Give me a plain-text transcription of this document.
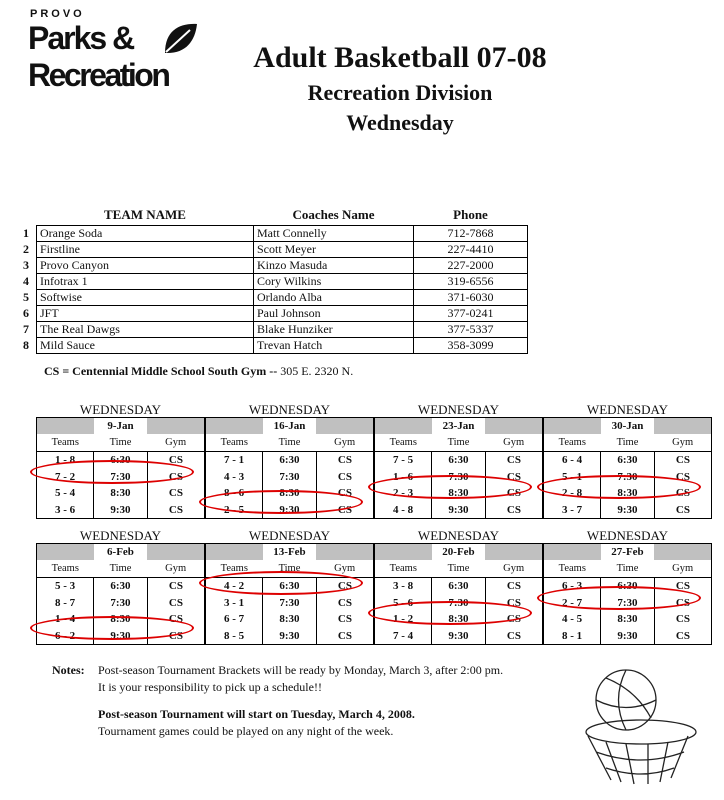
PROVO
Parks &
Recreation	Adult Basketball 07-08
Recreation Division
Wednesday
	TEAM NAME	Coaches Name	Phone
1	Orange Soda	Matt Connelly	712-7868
2	Firstline	Scott Meyer	227-4410
3	Provo Canyon	Kinzo Masuda	227-2000
4	Infotrax 1	Cory Wilkins	319-6556
5	Softwise	Orlando Alba	371-6030
6	JFT	Paul Johnson	377-0241
7	The Real Dawgs	Blake Hunziker	377-5337
8	Mild Sauce	Trevan Hatch	358-3099
CS = Centennial Middle School South Gym -- 305 E. 2320 N.
WEDNESDAY
	9-Jan	
Teams	Time	Gym
1 - 8	6:30	CS
7 - 2	7:30	CS
5 - 4	8:30	CS
3 - 6	9:30	CS
WEDNESDAY
	16-Jan	
Teams	Time	Gym
7 - 1	6:30	CS
4 - 3	7:30	CS
8 - 6	8:30	CS
2 - 5	9:30	CS
WEDNESDAY
	23-Jan	
Teams	Time	Gym
7 - 5	6:30	CS
1 - 6	7:30	CS
2 - 3	8:30	CS
4 - 8	9:30	CS
WEDNESDAY
	30-Jan	
Teams	Time	Gym
6 - 4	6:30	CS
5 - 1	7:30	CS
2 - 8	8:30	CS
3 - 7	9:30	CS
WEDNESDAY
	6-Feb	
Teams	Time	Gym
5 - 3	6:30	CS
8 - 7	7:30	CS
1 - 4	8:30	CS
6 - 2	9:30	CS
WEDNESDAY
	13-Feb	
Teams	Time	Gym
4 - 2	6:30	CS
3 - 1	7:30	CS
6 - 7	8:30	CS
8 - 5	9:30	CS
WEDNESDAY
	20-Feb	
Teams	Time	Gym
3 - 8	6:30	CS
5 - 6	7:30	CS
1 - 2	8:30	CS
7 - 4	9:30	CS
WEDNESDAY
	27-Feb	
Teams	Time	Gym
6 - 3	6:30	CS
2 - 7	7:30	CS
4 - 5	8:30	CS
8 - 1	9:30	CS
Notes: Post-season Tournament Brackets will be ready by Monday, March 3, after 2:00 pm.
It is your responsibility to pick up a schedule!!
Post-season Tournament will start on Tuesday, March 4, 2008.
Tournament games could be played on any night of the week.
